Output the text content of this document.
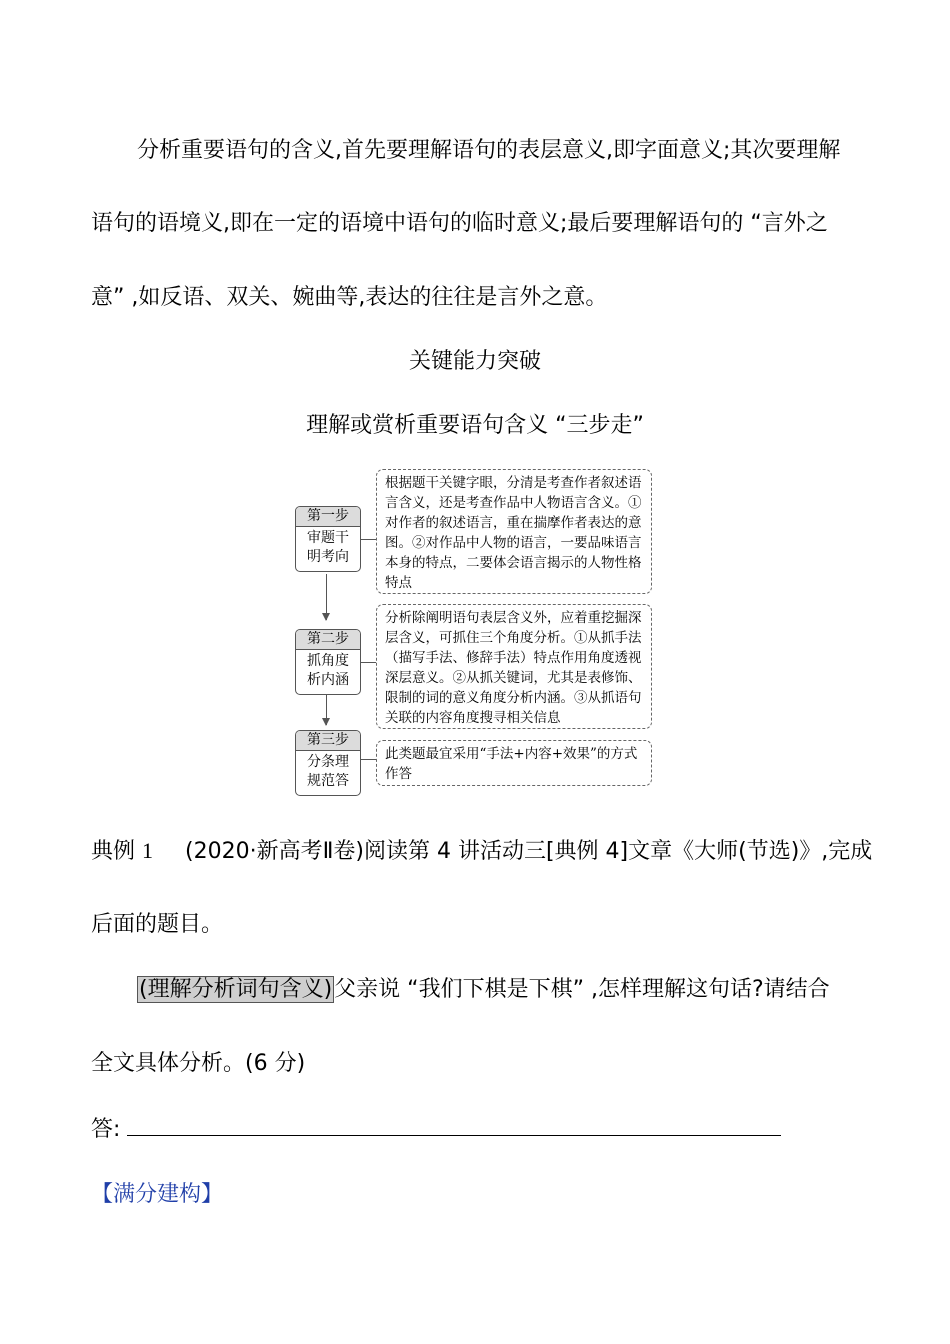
分析重要语句的含义,首先要理解语句的表层意义,即字面意义;其次要理解
语句的语境义,即在一定的语境中语句的临时意义;最后要理解语句的 “言外之
意” ,如反语、双关、婉曲等,表达的往往是言外之意。
关键能力突破
理解或赏析重要语句含义 “三步走”
第一步
审题干
明考向
根据题干关键字眼，分清是考查作者叙述语言含义，还是考查作品中人物语言含义。①对作者的叙述语言，重在揣摩作者表达的意图。②对作品中人物的语言，一要品味语言本身的特点，二要体会语言揭示的人物性格特点
第二步
抓角度
析内涵
分析除阐明语句表层含义外，应着重挖掘深层含义，可抓住三个角度分析。①从抓手法（描写手法、修辞手法）特点作用角度透视深层意义。②从抓关键词，尤其是表修饰、限制的词的意义角度分析内涵。③从抓语句关联的内容角度搜寻相关信息
第三步
分条理
规范答
此类题最宜采用“手法+内容+效果”的方式作答
典例 1 (2020·新高考Ⅱ卷)阅读第 4 讲活动三[典例 4]文章《大师(节选)》,完成
后面的题目。
(理解分析词句含义)父亲说 “我们下棋是下棋” ,怎样理解这句话?请结合
全文具体分析。(6 分)
答:
【满分建构】
